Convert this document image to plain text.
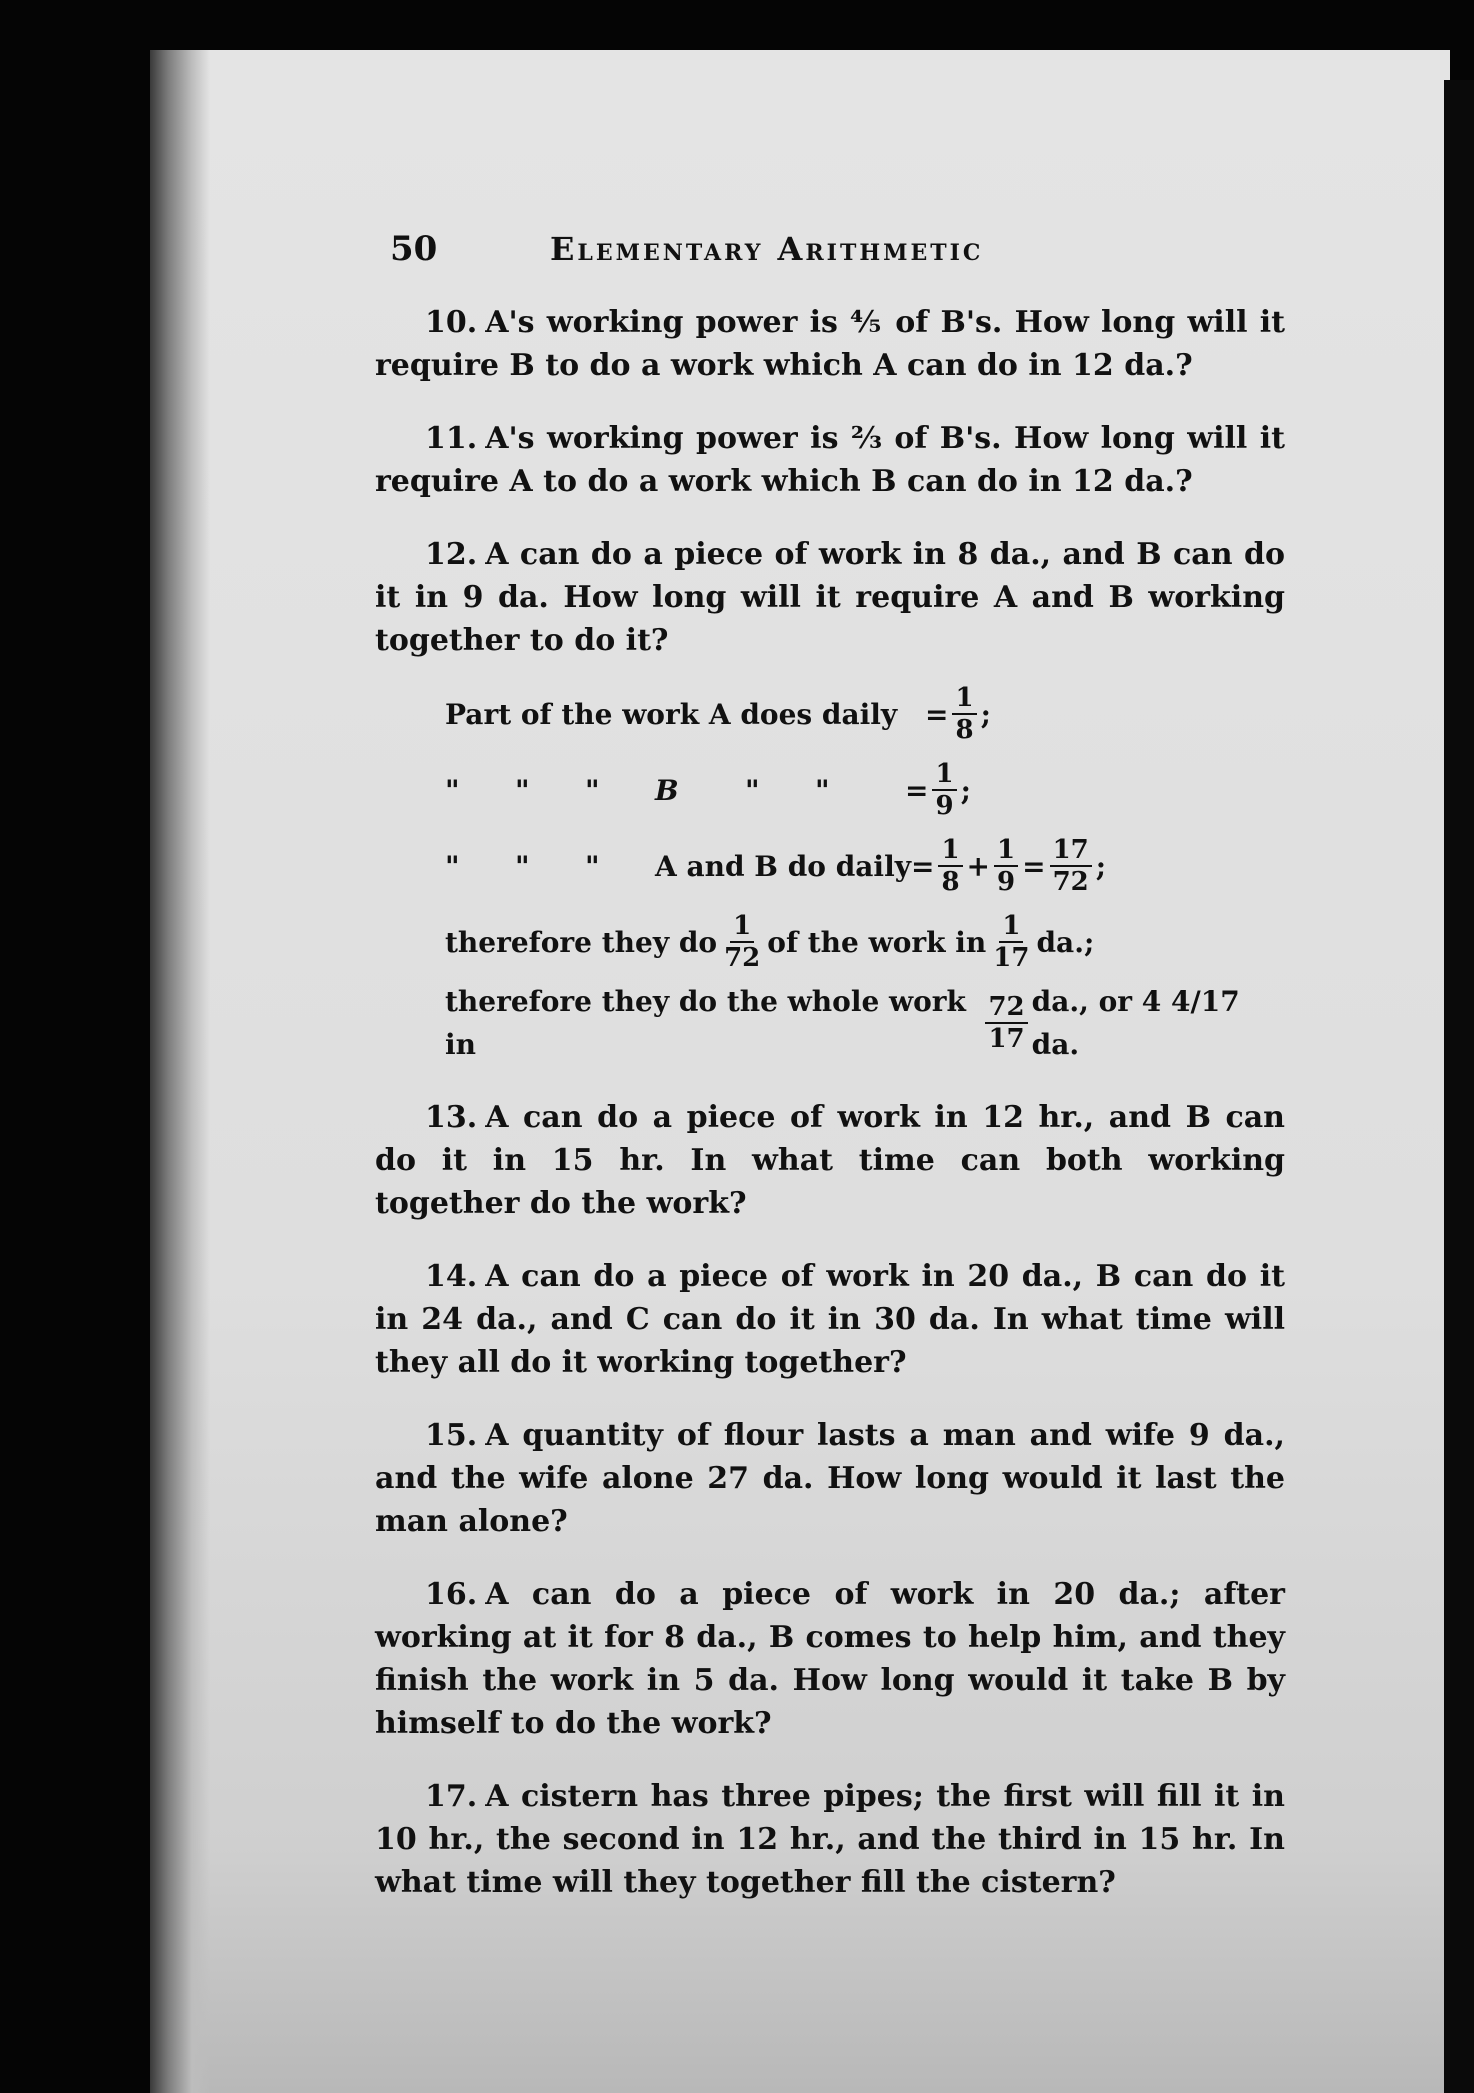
50	Elementary Arithmetic

10. A's working power is ⅘ of B's. How long will it require B to do a work which A can do in 12 da.?

11. A's working power is ⅔ of B's. How long will it require A to do a work which B can do in 12 da.?

12. A can do a piece of work in 8 da., and B can do it in 9 da. How long will it require A and B working together to do it?

Part of the work A does daily = $\frac{1}{8}$ ;
"	"	"	B	"	"	= $\frac{1}{9}$ ;
"	"	"	A and B do daily = $\frac{1}{8} + \frac{1}{9} = \frac{17}{72}$ ;
therefore they do $\frac{1}{72}$ of the work in $\frac{1}{17}$ da.;
therefore they do the whole work in	$\frac{72}{17}$ da., or 4 4/17 da.

13. A can do a piece of work in 12 hr., and B can do it in 15 hr. In what time can both working together do the work?

14. A can do a piece of work in 20 da., B can do it in 24 da., and C can do it in 30 da. In what time will they all do it working together?

15. A quantity of flour lasts a man and wife 9 da., and the wife alone 27 da. How long would it last the man alone?

16. A can do a piece of work in 20 da.; after working at it for 8 da., B comes to help him, and they finish the work in 5 da. How long would it take B by himself to do the work?

17. A cistern has three pipes; the first will fill it in 10 hr., the second in 12 hr., and the third in 15 hr. In what time will they together fill the cistern?
